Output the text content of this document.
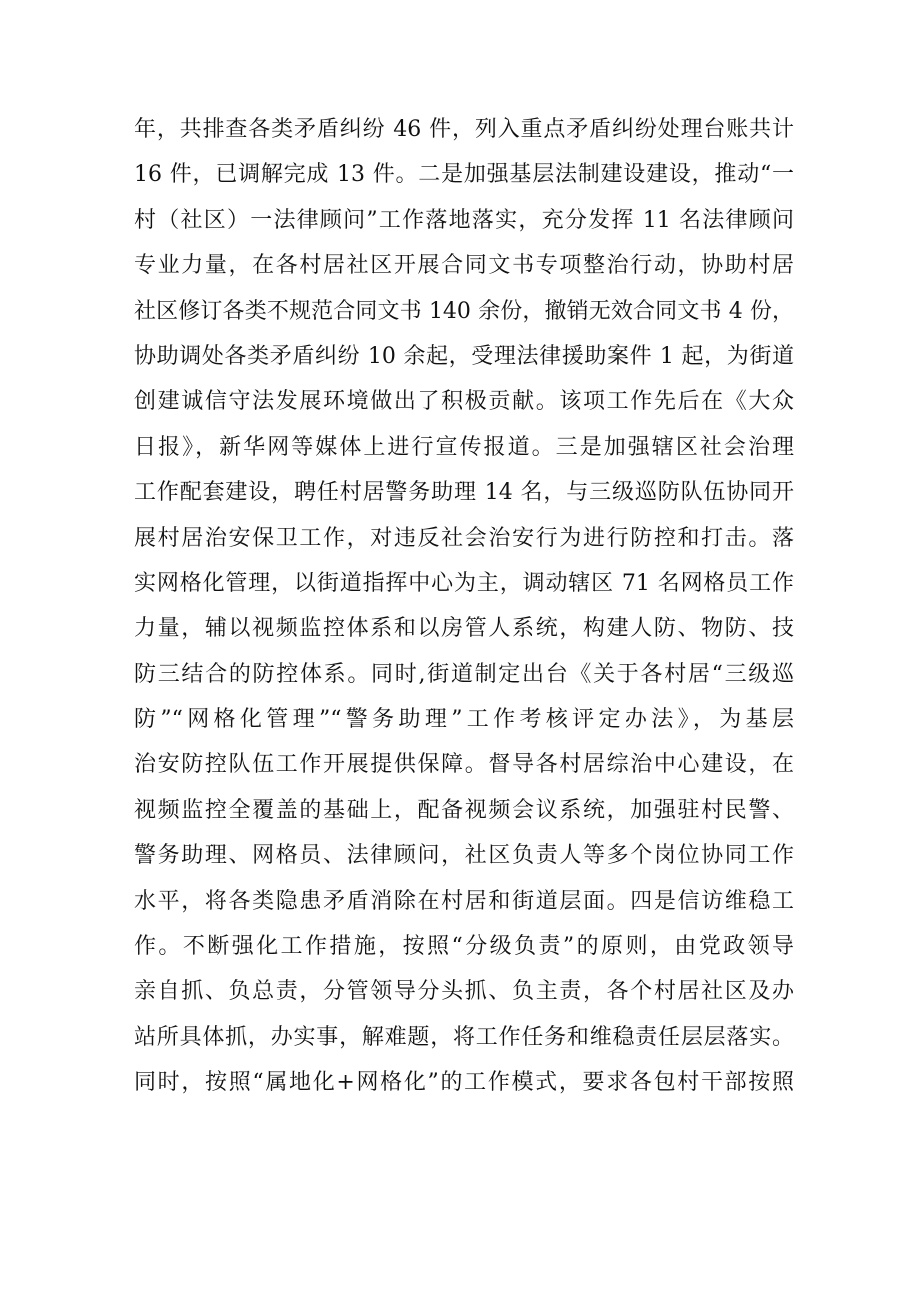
年，共排查各类矛盾纠纷 46 件，列入重点矛盾纠纷处理台账共计
16 件，已调解完成 13 件。二是加强基层法制建设建设，推动“一
村（社区）一法律顾问”工作落地落实，充分发挥 11 名法律顾问
专业力量，在各村居社区开展合同文书专项整治行动，协助村居
社区修订各类不规范合同文书 140 余份，撤销无效合同文书 4 份，
协助调处各类矛盾纠纷 10 余起，受理法律援助案件 1 起，为街道
创建诚信守法发展环境做出了积极贡献。该项工作先后在《大众
日报》，新华网等媒体上进行宣传报道。三是加强辖区社会治理
工作配套建设，聘任村居警务助理 14 名，与三级巡防队伍协同开
展村居治安保卫工作，对违反社会治安行为进行防控和打击。落
实网格化管理，以街道指挥中心为主，调动辖区 71 名网格员工作
力量，辅以视频监控体系和以房管人系统，构建人防、物防、技
防三结合的防控体系。同时,街道制定出台《关于各村居“三级巡
防”“网格化管理”“警务助理”工作考核评定办法》，为基层
治安防控队伍工作开展提供保障。督导各村居综治中心建设，在
视频监控全覆盖的基础上，配备视频会议系统，加强驻村民警、
警务助理、网格员、法律顾问，社区负责人等多个岗位协同工作
水平，将各类隐患矛盾消除在村居和街道层面。四是信访维稳工
作。不断强化工作措施，按照“分级负责”的原则，由党政领导
亲自抓、负总责，分管领导分头抓、负主责，各个村居社区及办
站所具体抓，办实事，解难题，将工作任务和维稳责任层层落实。
同时，按照“属地化+网格化”的工作模式，要求各包村干部按照
